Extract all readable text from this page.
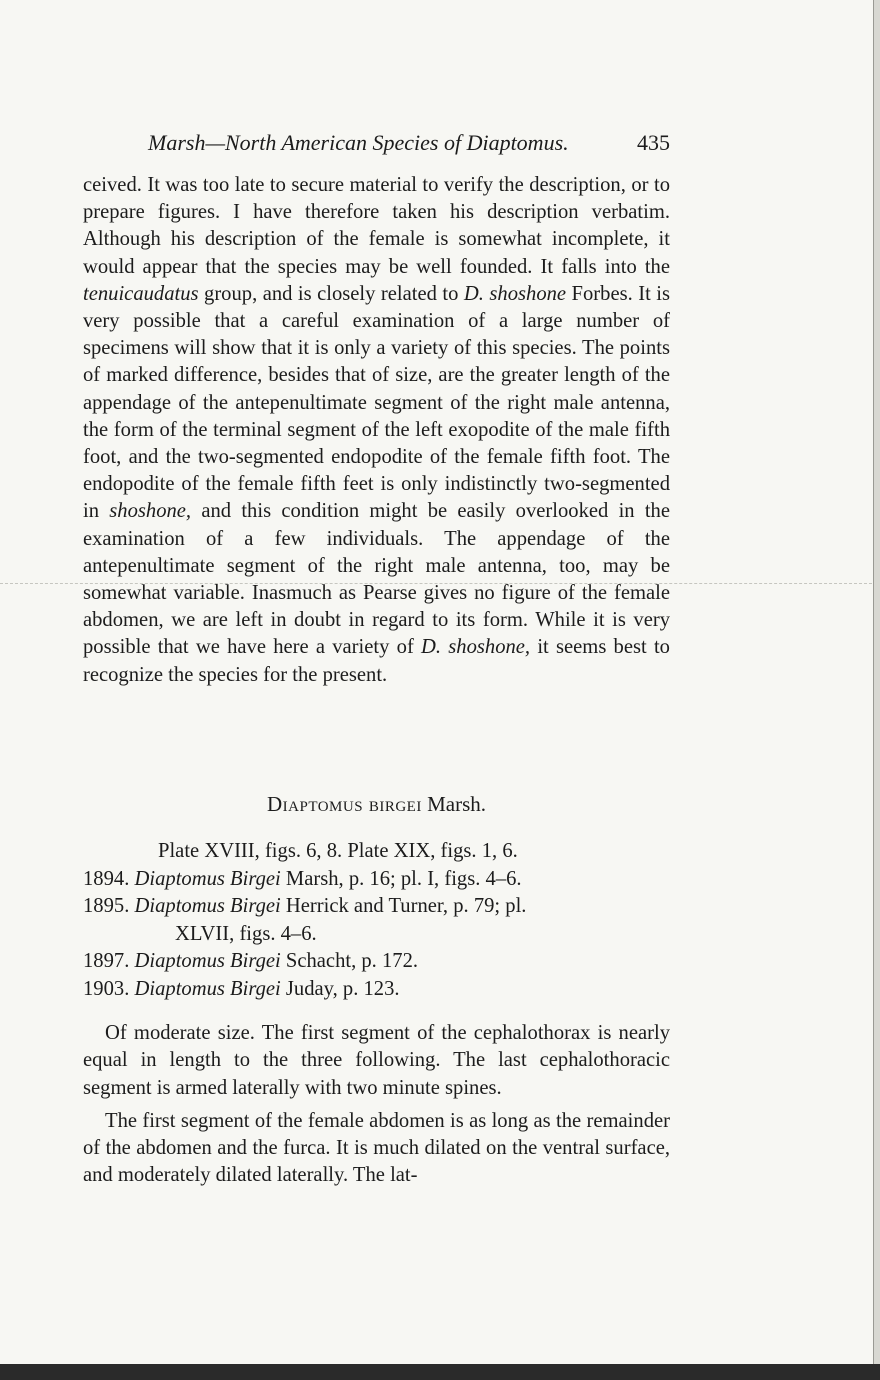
Marsh—North American Species of Diaptomus.	435

ceived. It was too late to secure material to verify the description, or to prepare figures. I have therefore taken his description verbatim. Although his description of the female is somewhat incomplete, it would appear that the species may be well founded. It falls into the tenuicaudatus group, and is closely related to D. shoshone Forbes. It is very possible that a careful examination of a large number of specimens will show that it is only a variety of this species. The points of marked difference, besides that of size, are the greater length of the appendage of the antepenultimate segment of the right male antenna, the form of the terminal segment of the left exopodite of the male fifth foot, and the two-segmented endopodite of the female fifth foot. The endopodite of the female fifth feet is only indistinctly two-segmented in shoshone, and this condition might be easily overlooked in the examination of a few individuals. The appendage of the antepenultimate segment of the right male antenna, too, may be somewhat variable. Inasmuch as Pearse gives no figure of the female abdomen, we are left in doubt in regard to its form. While it is very possible that we have here a variety of D. shoshone, it seems best to recognize the species for the present.

Diaptomus birgei Marsh.
Plate XVIII, figs. 6, 8. Plate XIX, figs. 1, 6.
1894. Diaptomus Birgei Marsh, p. 16; pl. I, figs. 4–6.
1895. Diaptomus Birgei Herrick and Turner, p. 79; pl.
XLVII, figs. 4–6.
1897. Diaptomus Birgei Schacht, p. 172.
1903. Diaptomus Birgei Juday, p. 123.

Of moderate size. The first segment of the cephalothorax is nearly equal in length to the three following. The last cephalothoracic segment is armed laterally with two minute spines.

The first segment of the female abdomen is as long as the remainder of the abdomen and the furca. It is much dilated on the ventral surface, and moderately dilated laterally. The lat-
